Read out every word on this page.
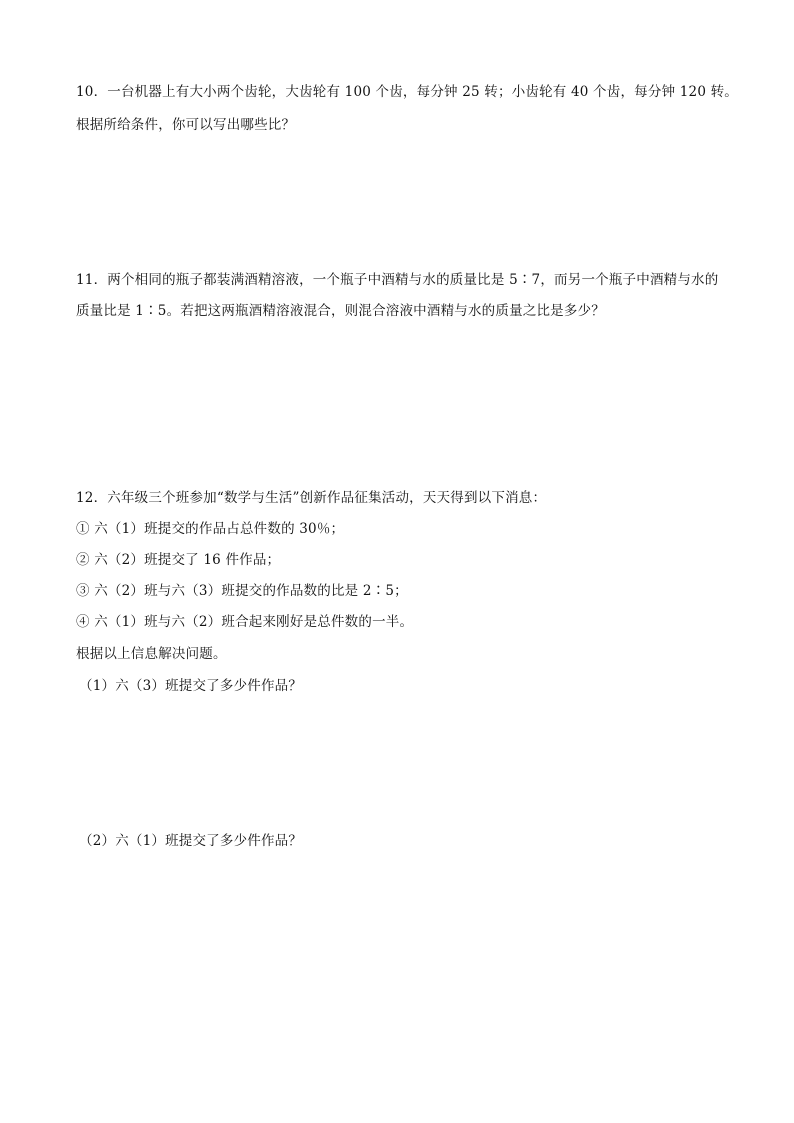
10．一台机器上有大小两个齿轮，大齿轮有 100 个齿，每分钟 25 转；小齿轮有 40 个齿，每分钟 120 转。
根据所给条件，你可以写出哪些比？
11．两个相同的瓶子都装满酒精溶液，一个瓶子中酒精与水的质量比是 5∶7，而另一个瓶子中酒精与水的
质量比是 1∶5。若把这两瓶酒精溶液混合，则混合溶液中酒精与水的质量之比是多少？
12．六年级三个班参加“数学与生活”创新作品征集活动，天天得到以下消息：
① 六（1）班提交的作品占总件数的 30％；
② 六（2）班提交了 16 件作品；
③ 六（2）班与六（3）班提交的作品数的比是 2∶5；
④ 六（1）班与六（2）班合起来刚好是总件数的一半。
根据以上信息解决问题。
（1）六（3）班提交了多少件作品？
（2）六（1）班提交了多少件作品？
